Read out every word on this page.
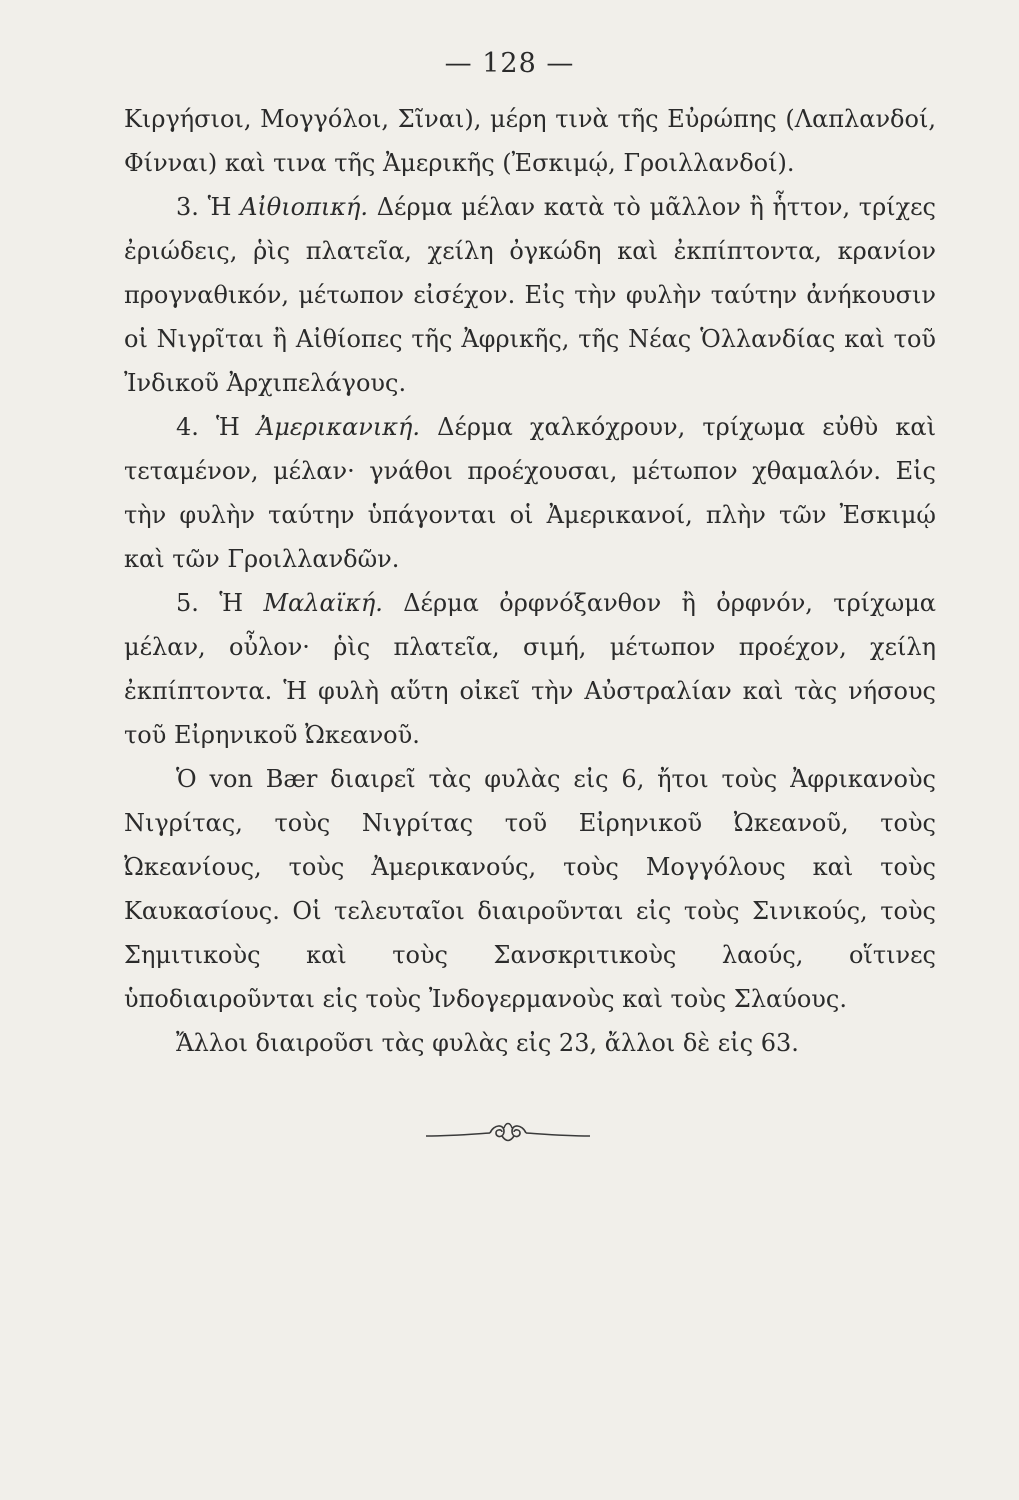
— 128 —

Κιργήσιοι, Μογγόλοι, Σῖναι), μέρη τινὰ τῆς Εὐρώπης (Λαπλανδοί, Φίνναι) καὶ τινα τῆς Ἀμερικῆς (Ἐσκιμῴ, Γροιλλανδοί).

3. Ἡ Αἰθιοπική. Δέρμα μέλαν κατὰ τὸ μᾶλλον ἢ ἧττον, τρίχες ἐριώδεις, ῥὶς πλατεῖα, χείλη ὀγκώδη καὶ ἐκπίπτοντα, κρανίον προγναθικόν, μέτωπον εἰσέχον. Εἰς τὴν φυλὴν ταύτην ἀνήκουσιν οἱ Νιγρῖται ἢ Αἰθίοπες τῆς Ἀφρικῆς, τῆς Νέας Ὁλλανδίας καὶ τοῦ Ἰνδικοῦ Ἀρχιπελάγους.

4. Ἡ Ἀμερικανική. Δέρμα χαλκόχρουν, τρίχωμα εὐθὺ καὶ τεταμένον, μέλαν· γνάθοι προέχουσαι, μέτωπον χθαμαλόν. Εἰς τὴν φυλὴν ταύτην ὑπάγονται οἱ Ἀμερικανοί, πλὴν τῶν Ἐσκιμῴ καὶ τῶν Γροιλλανδῶν.

5. Ἡ Μαλαϊκή. Δέρμα ὀρφνόξανθον ἢ ὀρφνόν, τρίχωμα μέλαν, οὖλον· ῥὶς πλατεῖα, σιμή, μέτωπον προέχον, χείλη ἐκπίπτοντα. Ἡ φυλὴ αὕτη οἰκεῖ τὴν Αὐστραλίαν καὶ τὰς νήσους τοῦ Εἰρηνικοῦ Ὠκεανοῦ.

Ὁ von Bær διαιρεῖ τὰς φυλὰς εἰς 6, ἤτοι τοὺς Ἀφρικανοὺς Νιγρίτας, τοὺς Νιγρίτας τοῦ Εἰρηνικοῦ Ὠκεανοῦ, τοὺς Ὠκεανίους, τοὺς Ἀμερικανούς, τοὺς Μογγόλους καὶ τοὺς Καυκασίους. Οἱ τελευταῖοι διαιροῦνται εἰς τοὺς Σινικούς, τοὺς Σημιτικοὺς καὶ τοὺς Σανσκριτικοὺς λαούς, οἵτινες ὑποδιαιροῦνται εἰς τοὺς Ἰνδογερμανοὺς καὶ τοὺς Σλαύους.

Ἄλλοι διαιροῦσι τὰς φυλὰς εἰς 23, ἄλλοι δὲ εἰς 63.
